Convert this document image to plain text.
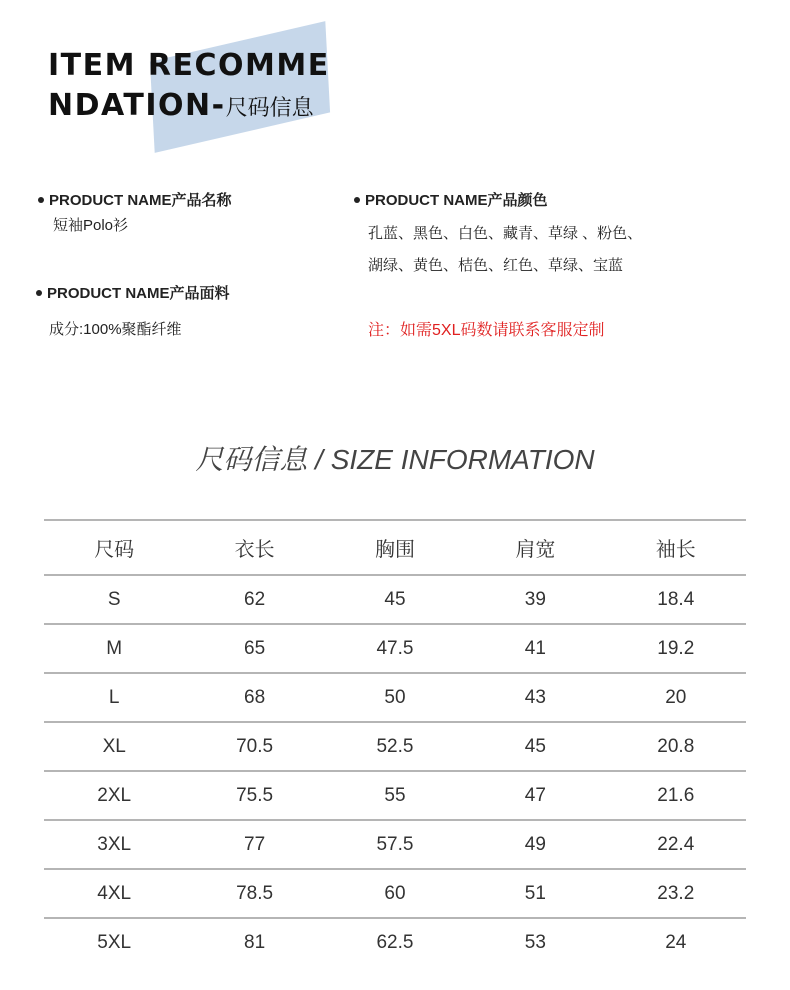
ITEM RECOMME
NDATION-尺码信息
PRODUCT NAME产品名称
短袖Polo衫
PRODUCT NAME产品面料
成分:100%聚酯纤维
PRODUCT NAME产品颜色
孔蓝、黑色、白色、藏青、草绿 、粉色、
湖绿、黄色、桔色、红色、草绿、宝蓝
注：如需5XL码数请联系客服定制
尺码信息 / SIZE INFORMATION
尺码	衣长	胸围	肩宽	袖长
S	62	45	39	18.4
M	65	47.5	41	19.2
L	68	50	43	20
XL	70.5	52.5	45	20.8
2XL	75.5	55	47	21.6
3XL	77	57.5	49	22.4
4XL	78.5	60	51	23.2
5XL	81	62.5	53	24
